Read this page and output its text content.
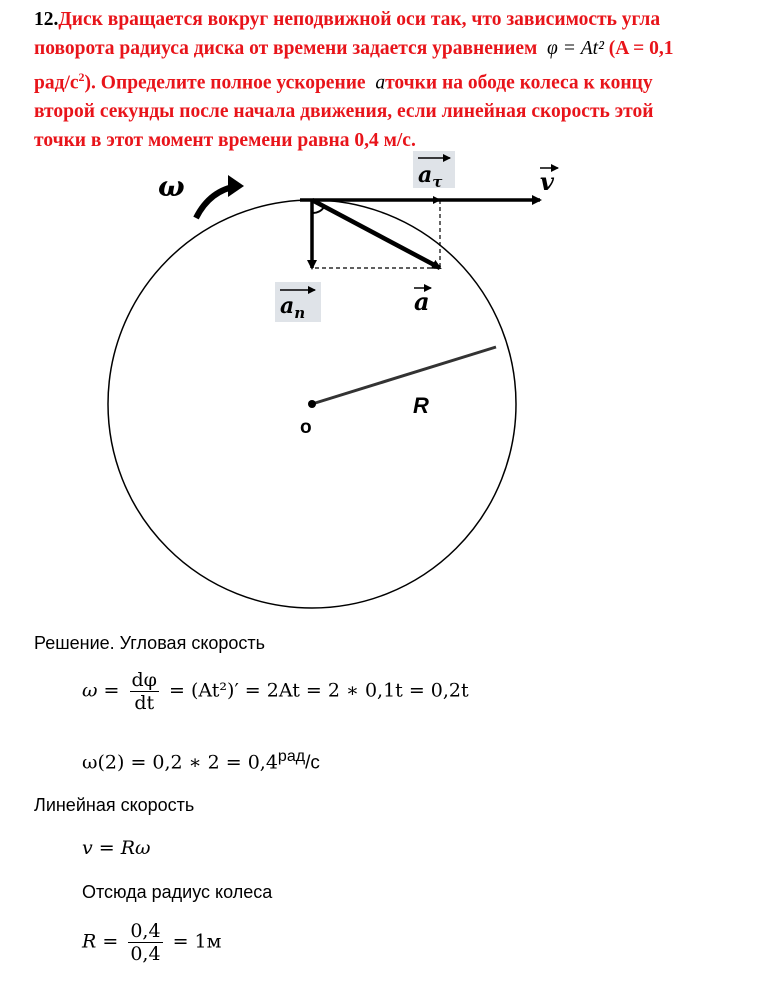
12.Диск вращается вокруг неподвижной оси так, что зависимость угла
поворота радиуса диска от времени задается уравнением φ = At² (A = 0,1
рад/$с^2$). Определите полное ускорение aточки на ободе колеса к концу
второй секунды после начала движения, если линейная скорость этой
точки в этот момент времени равна 0,4 м/с.
o
R
ω	$a_\tau$	v
$a_n$	a
Решение. Угловая скорость
$\omega = \frac{d\varphi}{dt} = (At^2)' = 2At = 2$ ∗ 0,1t = 0,2t
ω(2) = 0,2 ∗ $2 = 0,4^{рад}/с$
Линейная скорость
v = Rω
Отсюда радиус колеса
$R = \frac{0,4}{0,4} = 1м$
